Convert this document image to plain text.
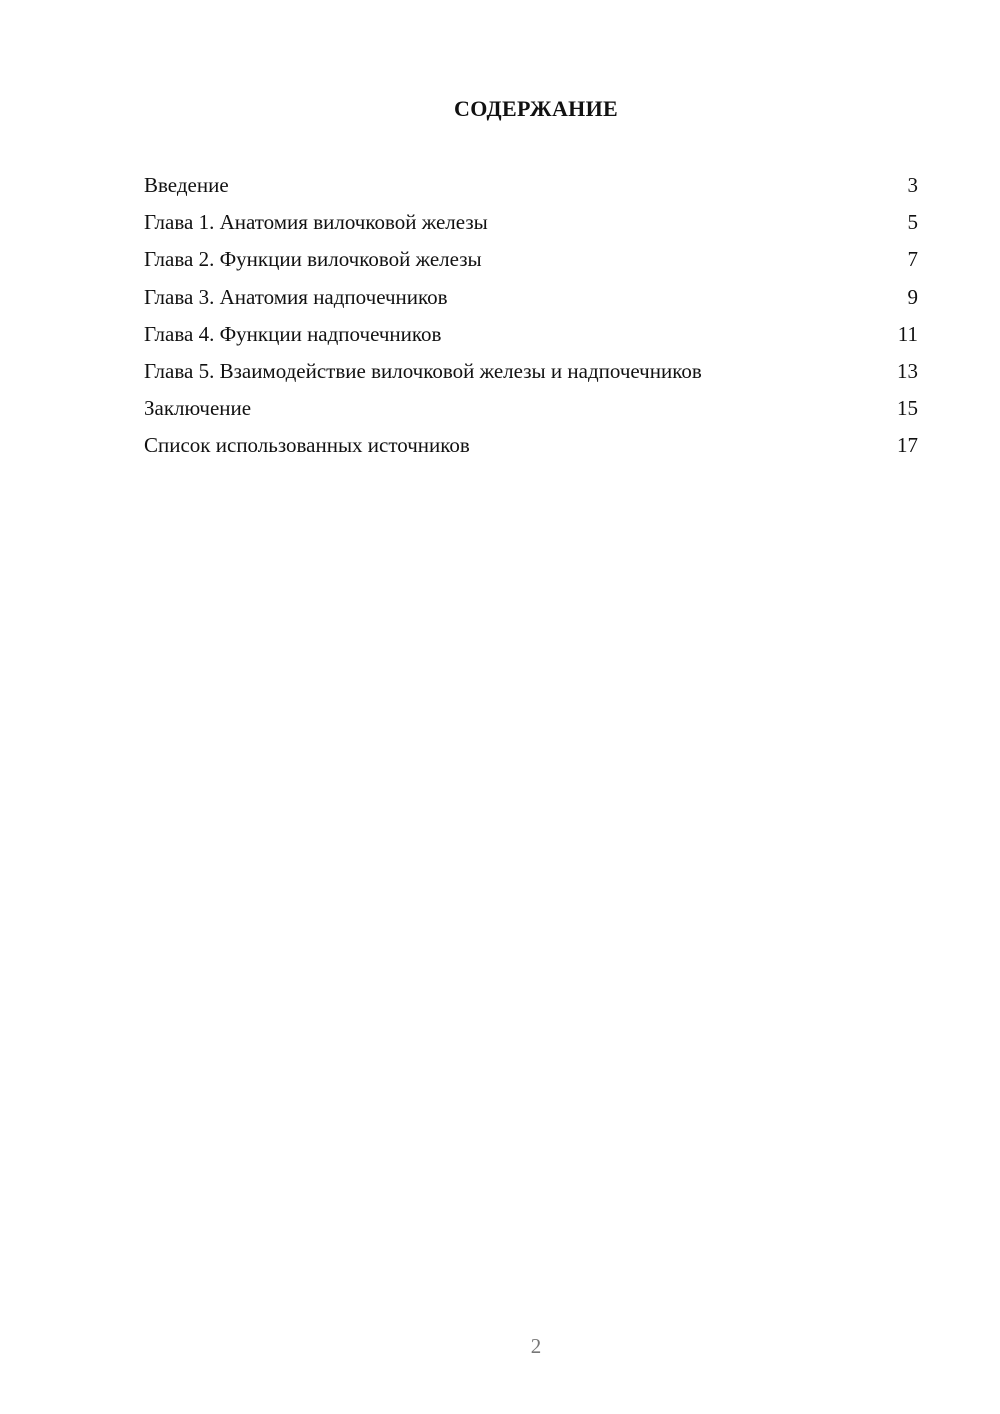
СОДЕРЖАНИЕ
Введение	3
Глава 1. Анатомия вилочковой железы	5
Глава 2. Функции вилочковой железы	7
Глава 3. Анатомия надпочечников	9
Глава 4. Функции надпочечников	11
Глава 5. Взаимодействие вилочковой железы и надпочечников	13
Заключение	15
Список использованных источников	17
2
